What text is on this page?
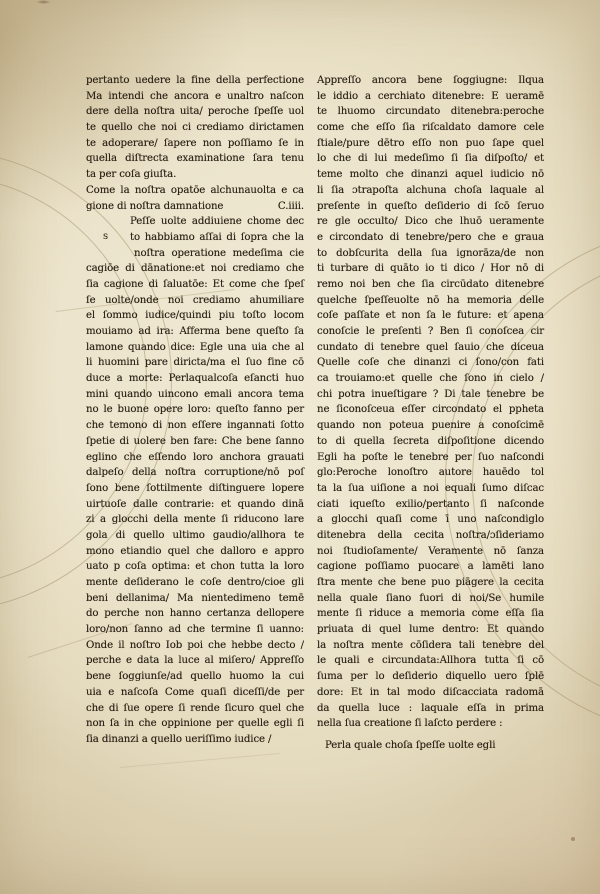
s
pertanto uedere la fine della perfectione
Ma intendi che ancora e unaltro naſcon
dere della noſtra uita/ peroche ſpeſſe uol
te quello che noi ci crediamo dirictamen
te adoperare/ ſapere non poſſiamo ſe in
quella diſtrecta examinatione ſara tenu
ta per coſa giuſta.
Come la noſtra opatōe alchunauolta e ca
gione di noſtra damnatione	C.iiii.
Peſſe uolte addiuiene chome dec
to habbiamo aſſai di ſopra che la
noſtra operatione medeſima cie
cagiōe di dānatione:et noi crediamo che
ſia cagione di ſaluatōe: Et come che ſpeſ
ſe uolte/onde noi crediamo ahumiliare
el ſommo iudice/quindi piu toſto locom
mouiamo ad ira: Afferma bene queſto ſa
lamone quando dice: Egle una uia che al
li huomini pare diricta/ma el ſuo fine cō
duce a morte: Perlaqualcoſa eſancti huo
mini quando uincono emali ancora tema
no le buone opere loro: queſto fanno per
che temono di non eſſere ingannati ſotto
ſpetie di uolere ben fare: Che bene ſanno
eglino che eſſendo loro anchora grauati
dalpeſo della noſtra corruptione/nō poſ
ſono bene ſottilmente diſtinguere lopere
uirtuoſe dalle contrarie: et quando dinā
zi a glocchi della mente ſi riducono lare
gola di quello ultimo gaudio/allhora te
mono etiandio quel che dalloro e appro
uato p coſa optima: et chon tutta la loro
mente deſiderano le coſe dentro/cioe gli
beni dellanima/ Ma nientedimeno temē
do perche non hanno certanza dellopere
loro/non ſanno ad che termine ſi uanno:
Onde il noſtro Iob poi che hebbe decto /
perche e data la luce al miſero/ Appreſſo
bene ſoggiunſe/ad quello huomo la cui
uia e naſcoſa Come quaſi diceſſi/de per
che di ſue opere ſi rende ſicuro quel che
non ſa in che oppinione per quelle egli ſi
ſia dinanzi a quello ueriſſimo iudice /
Appreſſo ancora bene ſoggiugne: Ilqua
le iddio a cerchiato ditenebre: E ueramē
te lhuomo circundato ditenebra:peroche
come che eſſo ſia riſcaldato damore cele
ſtiale/pure dētro eſſo non puo ſape quel
lo che di lui medeſimo ſi ſia diſpoſto/ et
teme molto che dinanzi aquel iudicio nō
li ſia ɔtrapoſta alchuna choſa laquale al
preſente in queſto deſiderio di ſcō ſeruo
re gle occulto/ Dico che lhuō ueramente
e circondato di tenebre/pero che e graua
to dobſcurita della ſua ignorāza/de non
ti turbare di quāto io ti dico / Hor nō di
remo noi ben che ſia circūdato ditenebre
quelche ſpeſſeuolte nō ha memoria delle
coſe paſſate et non ſa le future: et apena
conoſcie le preſenti ? Ben ſi conoſcea cir
cundato di tenebre quel ſauio che diceua
Quelle coſe che dinanzi ci ſono/con fati
ca trouiamo:et quelle che ſono in cielo /
chi potra inueſtigare ? Di tale tenebre be
ne ſiconoſceua eſſer circondato el ppheta
quando non poteua puenire a conoſcimē
to di quella ſecreta diſpoſitione dicendo
Egli ha poſte le tenebre per ſuo naſcondi
glo:Peroche lonoſtro autore hauēdo tol
ta la ſua uiſione a noi equali ſumo diſcac
ciati iqueſto exilio/pertanto ſi naſconde
a glocchi quaſi come ī uno naſcondiglo
ditenebra della cecita noſtra/ɔſideriamo
noi ſtudioſamente/ Veramente nō ſanza
cagione poſſiamo puocare a lamēti lano
ſtra mente che bene puo piāgere la cecita
nella quale ſiano fuori di noi/Se humile
mente ſi riduce a memoria come eſſa ſia
priuata di quel lume dentro: Et quando
la noſtra mente cōſidera tali tenebre del
le quali e circundata:Allhora tutta ſi cō
ſuma per lo deſiderio diquello uero ſplē
dore: Et in tal modo diſcacciata radomā
da quella luce : laquale eſſa in prima
nella ſua creatione ſi laſcto perdere :
Perla quale choſa ſpeſſe uolte egli
